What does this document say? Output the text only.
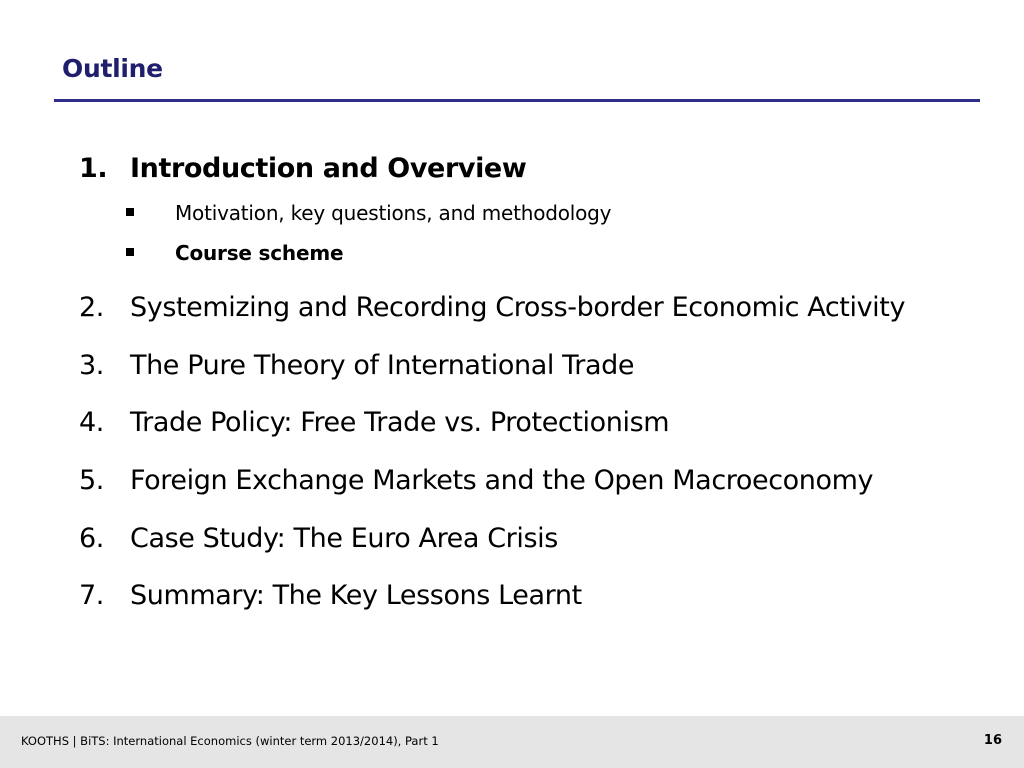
Outline
1. Introduction and Overview
Motivation, key questions, and methodology
Course scheme
2. Systemizing and Recording Cross-border Economic Activity
3. The Pure Theory of International Trade
4. Trade Policy: Free Trade vs. Protectionism
5. Foreign Exchange Markets and the Open Macroeconomy
6. Case Study: The Euro Area Crisis
7. Summary: The Key Lessons Learnt
KOOTHS | BiTS: International Economics (winter term 2013/2014), Part 1	16
